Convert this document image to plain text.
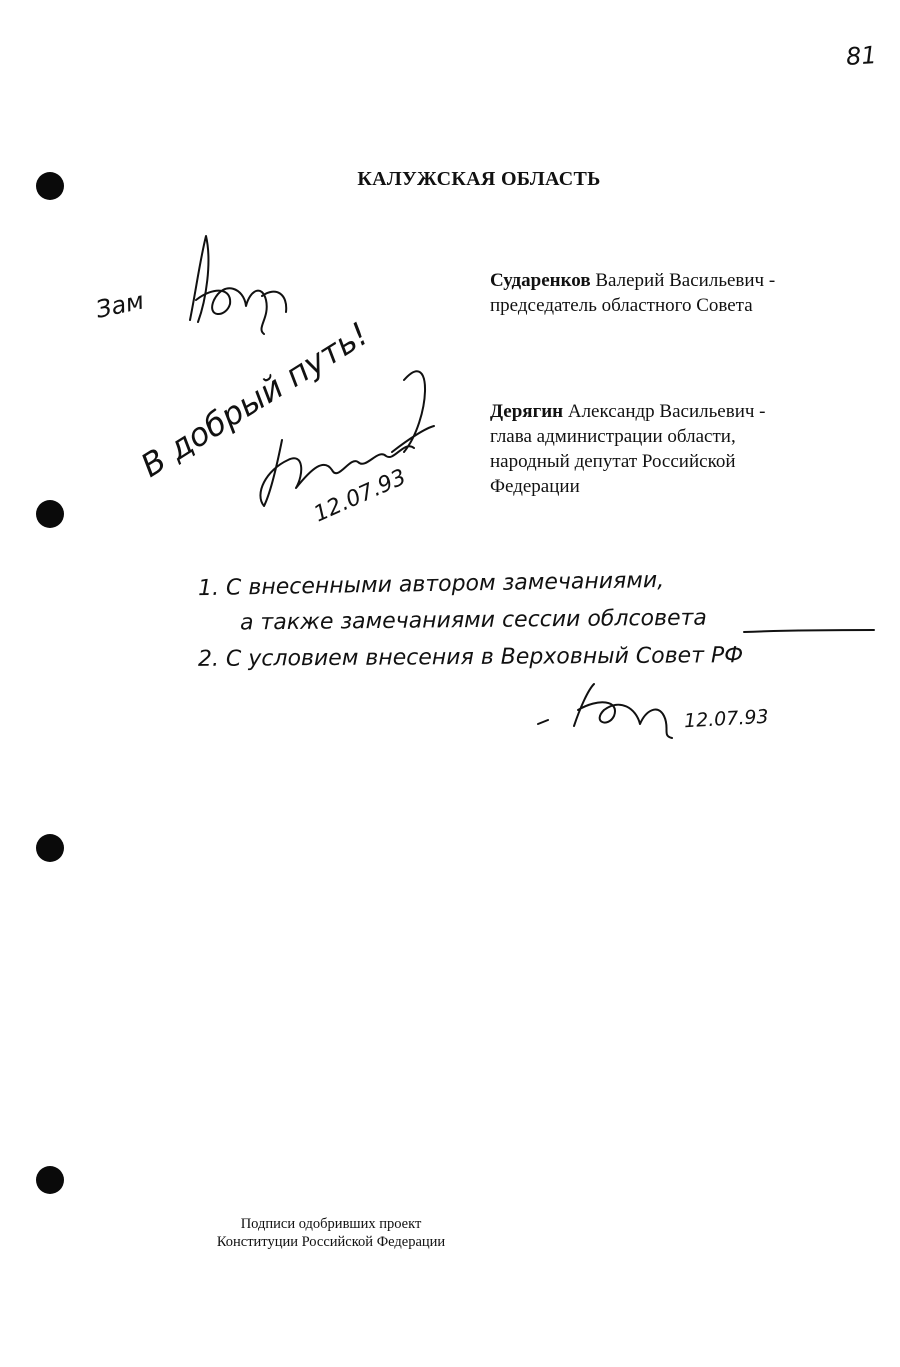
81
КАЛУЖСКАЯ ОБЛАСТЬ
Сударенков Валерий Васильевич -
председатель областного Совета
Дерягин Александр Васильевич -
глава администрации области,
народный депутат Российской
Федерации
Зам
В добрый путь!
12.07.93
1. С внесенными автором замечаниями,
а также замечаниями сессии облсовета
2. С условием внесения в Верховный Совет РФ
12.07.93
Подписи одобривших проект
Конституции Российской Федерации
